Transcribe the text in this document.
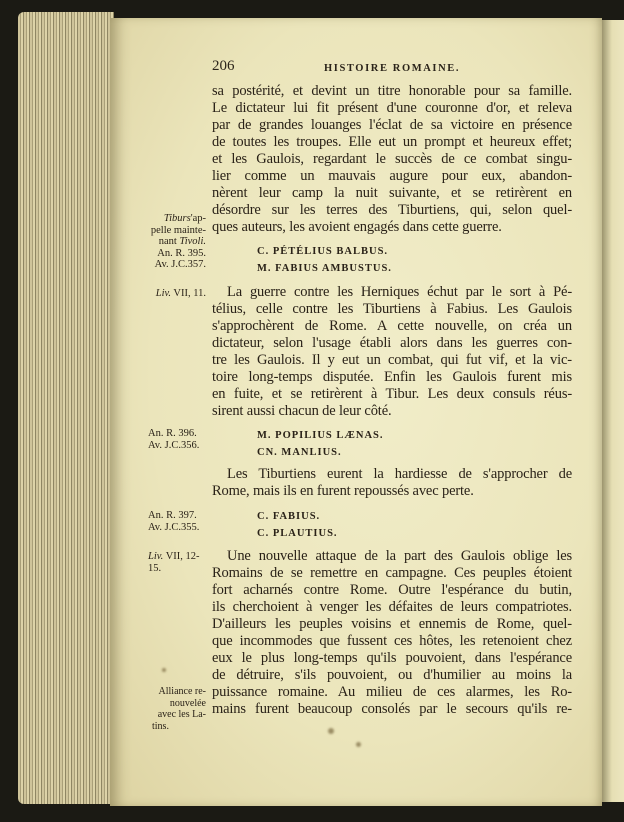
206	HISTOIRE ROMAINE.
sa postérité, et devint un titre honorable pour sa famille.
Le dictateur lui fit présent d'une couronne d'or, et releva
par de grandes louanges l'éclat de sa victoire en présence
de toutes les troupes. Elle eut un prompt et heureux effet;
et les Gaulois, regardant le succès de ce combat singu-
lier comme un mauvais augure pour eux, abandon-
nèrent leur camp la nuit suivante, et se retirèrent en
désordre sur les terres des Tiburtiens, qui, selon quel-
ques auteurs, les avoient engagés dans cette guerre.
C. PÉTÉLIUS BALBUS.
M. FABIUS AMBUSTUS.
La guerre contre les Herniques échut par le sort à Pé-
télius, celle contre les Tiburtiens à Fabius. Les Gaulois
s'approchèrent de Rome. A cette nouvelle, on créa un
dictateur, selon l'usage établi alors dans les guerres con-
tre les Gaulois. Il y eut un combat, qui fut vif, et la vic-
toire long-temps disputée. Enfin les Gaulois furent mis
en fuite, et se retirèrent à Tibur. Les deux consuls réus-
sirent aussi chacun de leur côté.
M. POPILIUS LÆNAS.
CN. MANLIUS.
Les Tiburtiens eurent la hardiesse de s'approcher de
Rome, mais ils en furent repoussés avec perte.
C. FABIUS.
C. PLAUTIUS.
Une nouvelle attaque de la part des Gaulois oblige les
Romains de se remettre en campagne. Ces peuples étoient
fort acharnés contre Rome. Outre l'espérance du butin,
ils cherchoient à venger les défaites de leurs compatriotes.
D'ailleurs les peuples voisins et ennemis de Rome, quel-
que incommodes que fussent ces hôtes, les retenoient chez
eux le plus long-temps qu'ils pouvoient, dans l'espérance
de détruire, s'ils pouvoient, ou d'humilier au moins la
puissance romaine. Au milieu de ces alarmes, les Ro-
mains furent beaucoup consolés par le secours qu'ils re-
Tiburs'ap-
pelle mainte-
nant Tivoli.
An. R. 395.
Av. J.C.357.
Liv. VII, 11.
An. R. 396.
Av. J.C.356.
An. R. 397.
Av. J.C.355.
Liv. VII, 12-
15.
Alliance re-
nouvelée
avec les La-
tins.
